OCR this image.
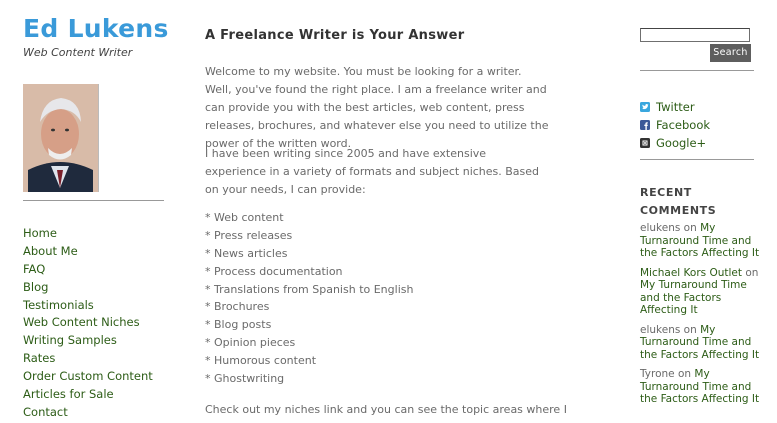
Ed Lukens
Web Content Writer
Home
About Me
FAQ
Blog
Testimonials
Web Content Niches
Writing Samples
Rates
Order Custom Content
Articles for Sale
Contact
A Freelance Writer is Your Answer

Welcome to my website. You must be looking for a writer. Well, you've found the right place. I am a freelance writer and can provide you with the best articles, web content, press releases, brochures, and whatever else you need to utilize the power of the written word.

I have been writing since 2005 and have extensive experience in a variety of formats and subject niches. Based on your needs, I can provide:

* Web content
* Press releases
* News articles
* Process documentation
* Translations from Spanish to English
* Brochures
* Blog posts
* Opinion pieces
* Humorous content
* Ghostwriting

Check out my niches link and you can see the topic areas where I

Search
Twitter
Facebook
Google+
RECENT COMMENTS
elukens on My Turnaround Time and the Factors Affecting It
Michael Kors Outlet on My Turnaround Time and the Factors Affecting It
elukens on My Turnaround Time and the Factors Affecting It
Tyrone on My Turnaround Time and the Factors Affecting It
